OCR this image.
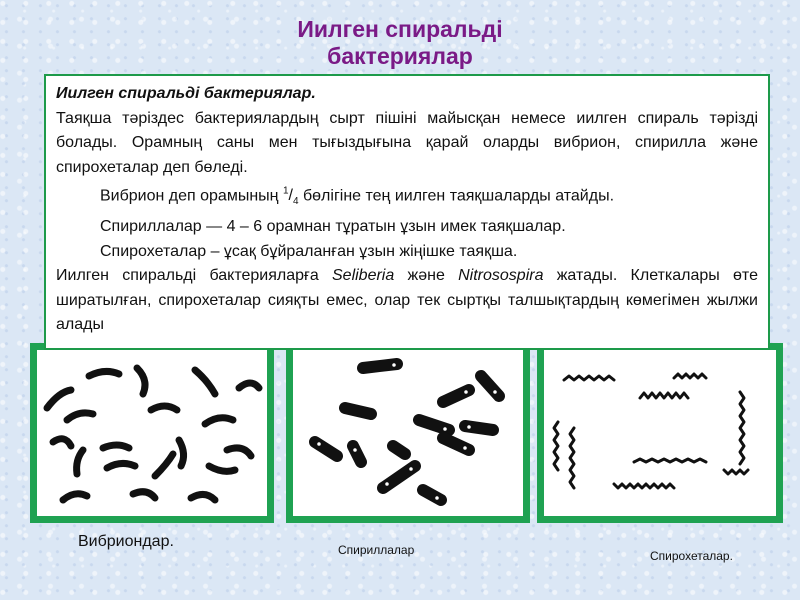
Иилген спиральді
бактериялар

Иилген спиральді бактериялар.
Таяқша тәріздес бактериялардың сырт пішіні майысқан немесе иилген спираль тәрізді болады. Орамның саны мен тығыздығына қарай оларды вибрион, спирилла және спирохеталар деп бөледі.

Вибрион деп орамының $^1/_4$ бөлігіне тең иилген таяқшаларды атайды.

Спириллалар — 4 – 6 орамнан тұратын ұзын имек таяқшалар.

Спирохеталар – ұсақ бұйраланған ұзын жіңішке таяқша.

Иилген спиральді бактерияларға Seliberia және Nitrosospira жатады. Клеткалары өте ширатылған, спирохеталар сияқты емес, олар тек сыртқы талшықтардың көмегімен жылжи алады

Вибриондар.	Спириллалар	Спирохеталар.
